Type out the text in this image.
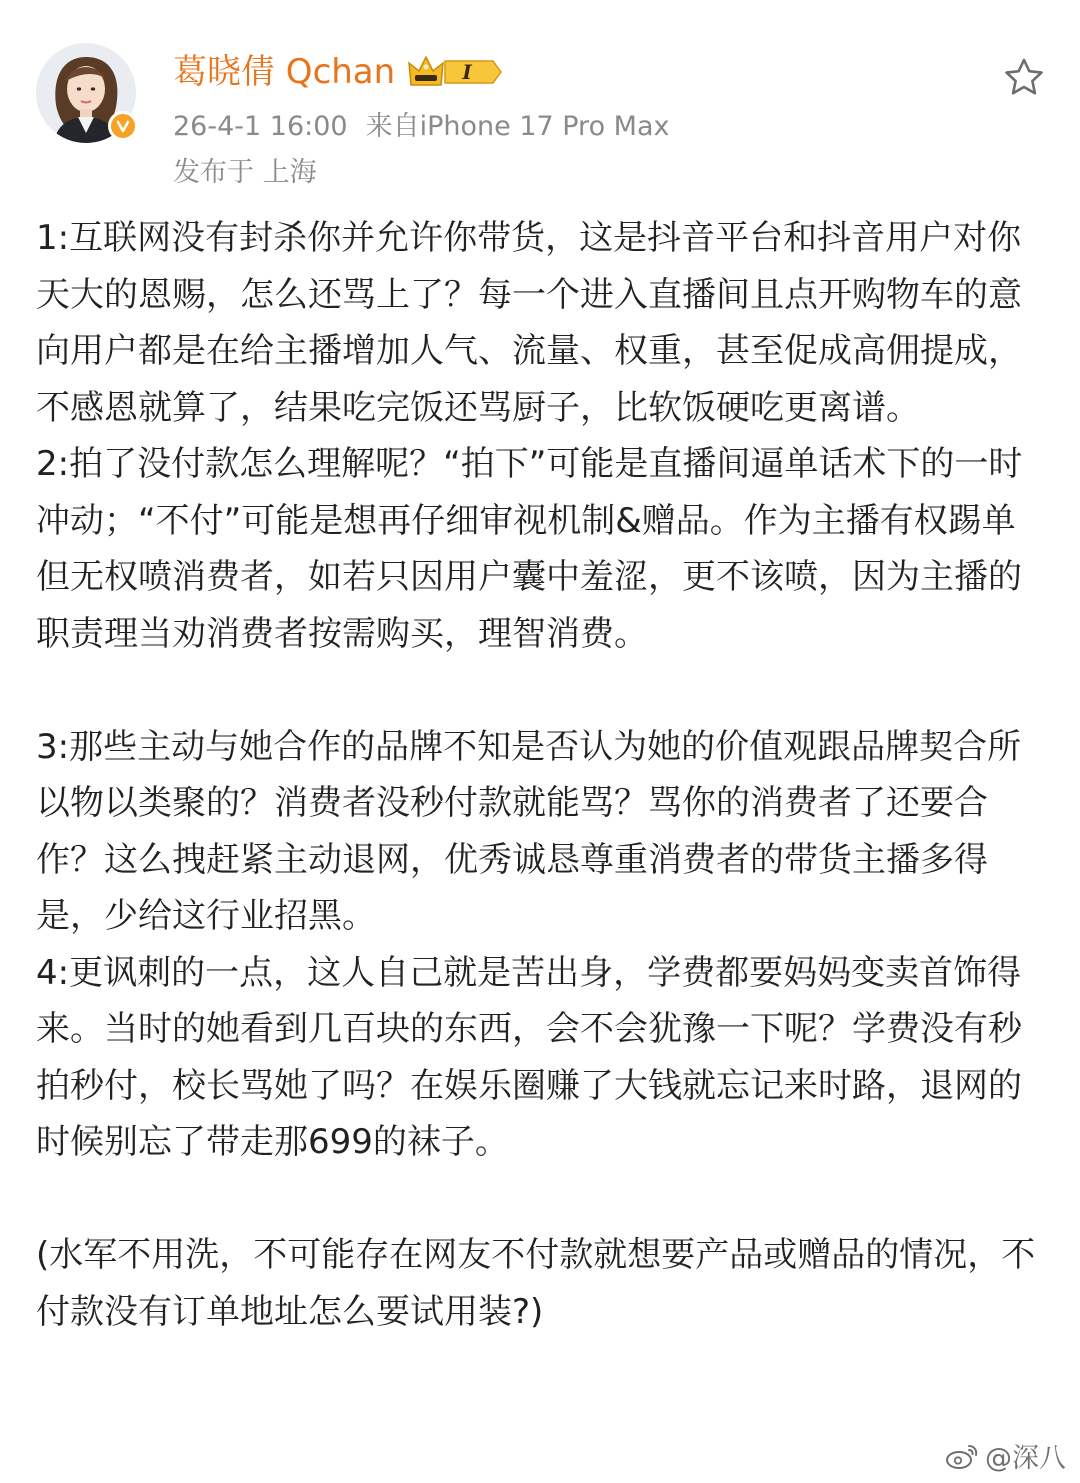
葛晓倩 Qchan	I
26-4-1 16:00 来自iPhone 17 Pro Max
发布于 上海

1:互联网没有封杀你并允许你带货，这是抖音平台和抖音用户对你天大的恩赐，怎么还骂上了？每一个进入直播间且点开购物车的意向用户都是在给主播增加人气、流量、权重，甚至促成高佣提成，不感恩就算了，结果吃完饭还骂厨子，比软饭硬吃更离谱。

2:拍了没付款怎么理解呢？“拍下”可能是直播间逼单话术下的一时冲动；“不付”可能是想再仔细审视机制&赠品。作为主播有权踢单但无权喷消费者，如若只因用户囊中羞涩，更不该喷，因为主播的职责理当劝消费者按需购买，理智消费。

3:那些主动与她合作的品牌不知是否认为她的价值观跟品牌契合所以物以类聚的？消费者没秒付款就能骂？骂你的消费者了还要合作？这么拽赶紧主动退网，优秀诚恳尊重消费者的带货主播多得是，少给这行业招黑。

4:更讽刺的一点，这人自己就是苦出身，学费都要妈妈变卖首饰得来。当时的她看到几百块的东西，会不会犹豫一下呢？学费没有秒拍秒付，校长骂她了吗？在娱乐圈赚了大钱就忘记来时路，退网的时候别忘了带走那699的袜子。

(水军不用洗，不可能存在网友不付款就想要产品或赠品的情况，不付款没有订单地址怎么要试用装?)

@深八
